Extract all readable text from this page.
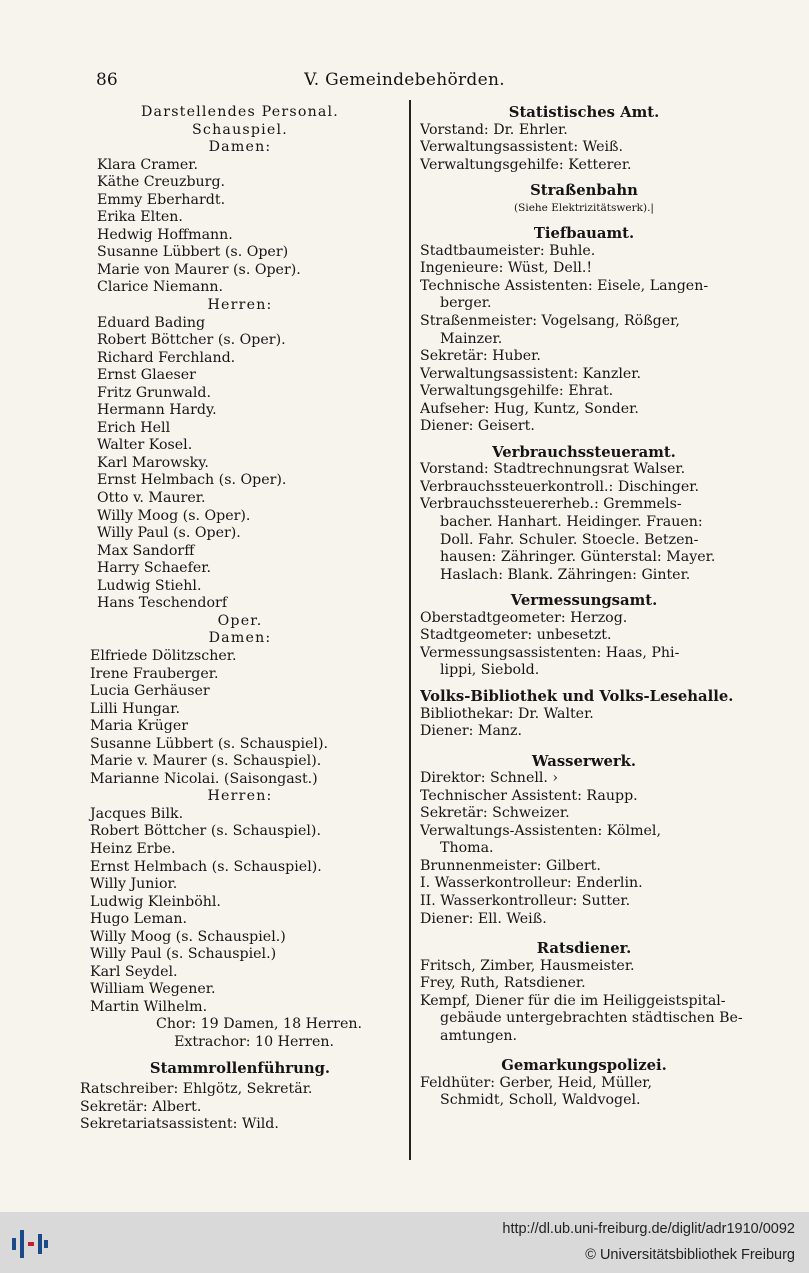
86	V. Gemeindebehörden.
Darstellendes Personal.
Schauspiel.
Damen:
Klara Cramer.
Käthe Creuzburg.
Emmy Eberhardt.
Erika Elten.
Hedwig Hoffmann.
Susanne Lübbert (s. Oper)
Marie von Maurer (s. Oper).
Clarice Niemann.
Herren:
Eduard Bading
Robert Böttcher (s. Oper).
Richard Ferchland.
Ernst Glaeser
Fritz Grunwald.
Hermann Hardy.
Erich Hell
Walter Kosel.
Karl Marowsky.
Ernst Helmbach (s. Oper).
Otto v. Maurer.
Willy Moog (s. Oper).
Willy Paul (s. Oper).
Max Sandorff
Harry Schaefer.
Ludwig Stiehl.
Hans Teschendorf
Oper.
Damen:
Elfriede Dölitzscher.
Irene Frauberger.
Lucia Gerhäuser
Lilli Hungar.
Maria Krüger
Susanne Lübbert (s. Schauspiel).
Marie v. Maurer (s. Schauspiel).
Marianne Nicolai. (Saisongast.)
Herren:
Jacques Bilk.
Robert Böttcher (s. Schauspiel).
Heinz Erbe.
Ernst Helmbach (s. Schauspiel).
Willy Junior.
Ludwig Kleinböhl.
Hugo Leman.
Willy Moog (s. Schauspiel.)
Willy Paul (s. Schauspiel.)
Karl Seydel.
William Wegener.
Martin Wilhelm.
Chor: 19 Damen, 18 Herren.
Extrachor: 10 Herren.
Stammrollenführung.
Ratschreiber: Ehlgötz, Sekretär.
Sekretär: Albert.
Sekretariatsassistent: Wild.
Statistisches Amt.
Vorstand: Dr. Ehrler.
Verwaltungsassistent: Weiß.
Verwaltungsgehilfe: Ketterer.
Straßenbahn
(Siehe Elektrizitätswerk).|
Tiefbauamt.
Stadtbaumeister: Buhle.
Ingenieure: Wüst, Dell.!
Technische Assistenten: Eisele, Langen-
berger.
Straßenmeister: Vogelsang, Rößger,
Mainzer.
Sekretär: Huber.
Verwaltungsassistent: Kanzler.
Verwaltungsgehilfe: Ehrat.
Aufseher: Hug, Kuntz, Sonder.
Diener: Geisert.
Verbrauchssteueramt.
Vorstand: Stadtrechnungsrat Walser.
Verbrauchssteuerkontroll.: Dischinger.
Verbrauchssteuererheb.: Gremmels-
bacher. Hanhart. Heidinger. Frauen:
Doll. Fahr. Schuler. Stoecle. Betzen-
hausen: Zähringer. Günterstal: Mayer.
Haslach: Blank. Zähringen: Ginter.
Vermessungsamt.
Oberstadtgeometer: Herzog.
Stadtgeometer: unbesetzt.
Vermessungsassistenten: Haas, Phi-
lippi, Siebold.
Volks-Bibliothek und Volks-Lesehalle.
Bibliothekar: Dr. Walter.
Diener: Manz.
Wasserwerk.
Direktor: Schnell. ›
Technischer Assistent: Raupp.
Sekretär: Schweizer.
Verwaltungs-Assistenten: Kölmel,
Thoma.
Brunnenmeister: Gilbert.
I. Wasserkontrolleur: Enderlin.
II. Wasserkontrolleur: Sutter.
Diener: Ell. Weiß.
Ratsdiener.
Fritsch, Zimber, Hausmeister.
Frey, Ruth, Ratsdiener.
Kempf, Diener für die im Heiliggeistspital-
gebäude untergebrachten städtischen Be-
amtungen.
Gemarkungspolizei.
Feldhüter: Gerber, Heid, Müller,
Schmidt, Scholl, Waldvogel.
http://dl.ub.uni-freiburg.de/diglit/adr1910/0092
© Universitätsbibliothek Freiburg
